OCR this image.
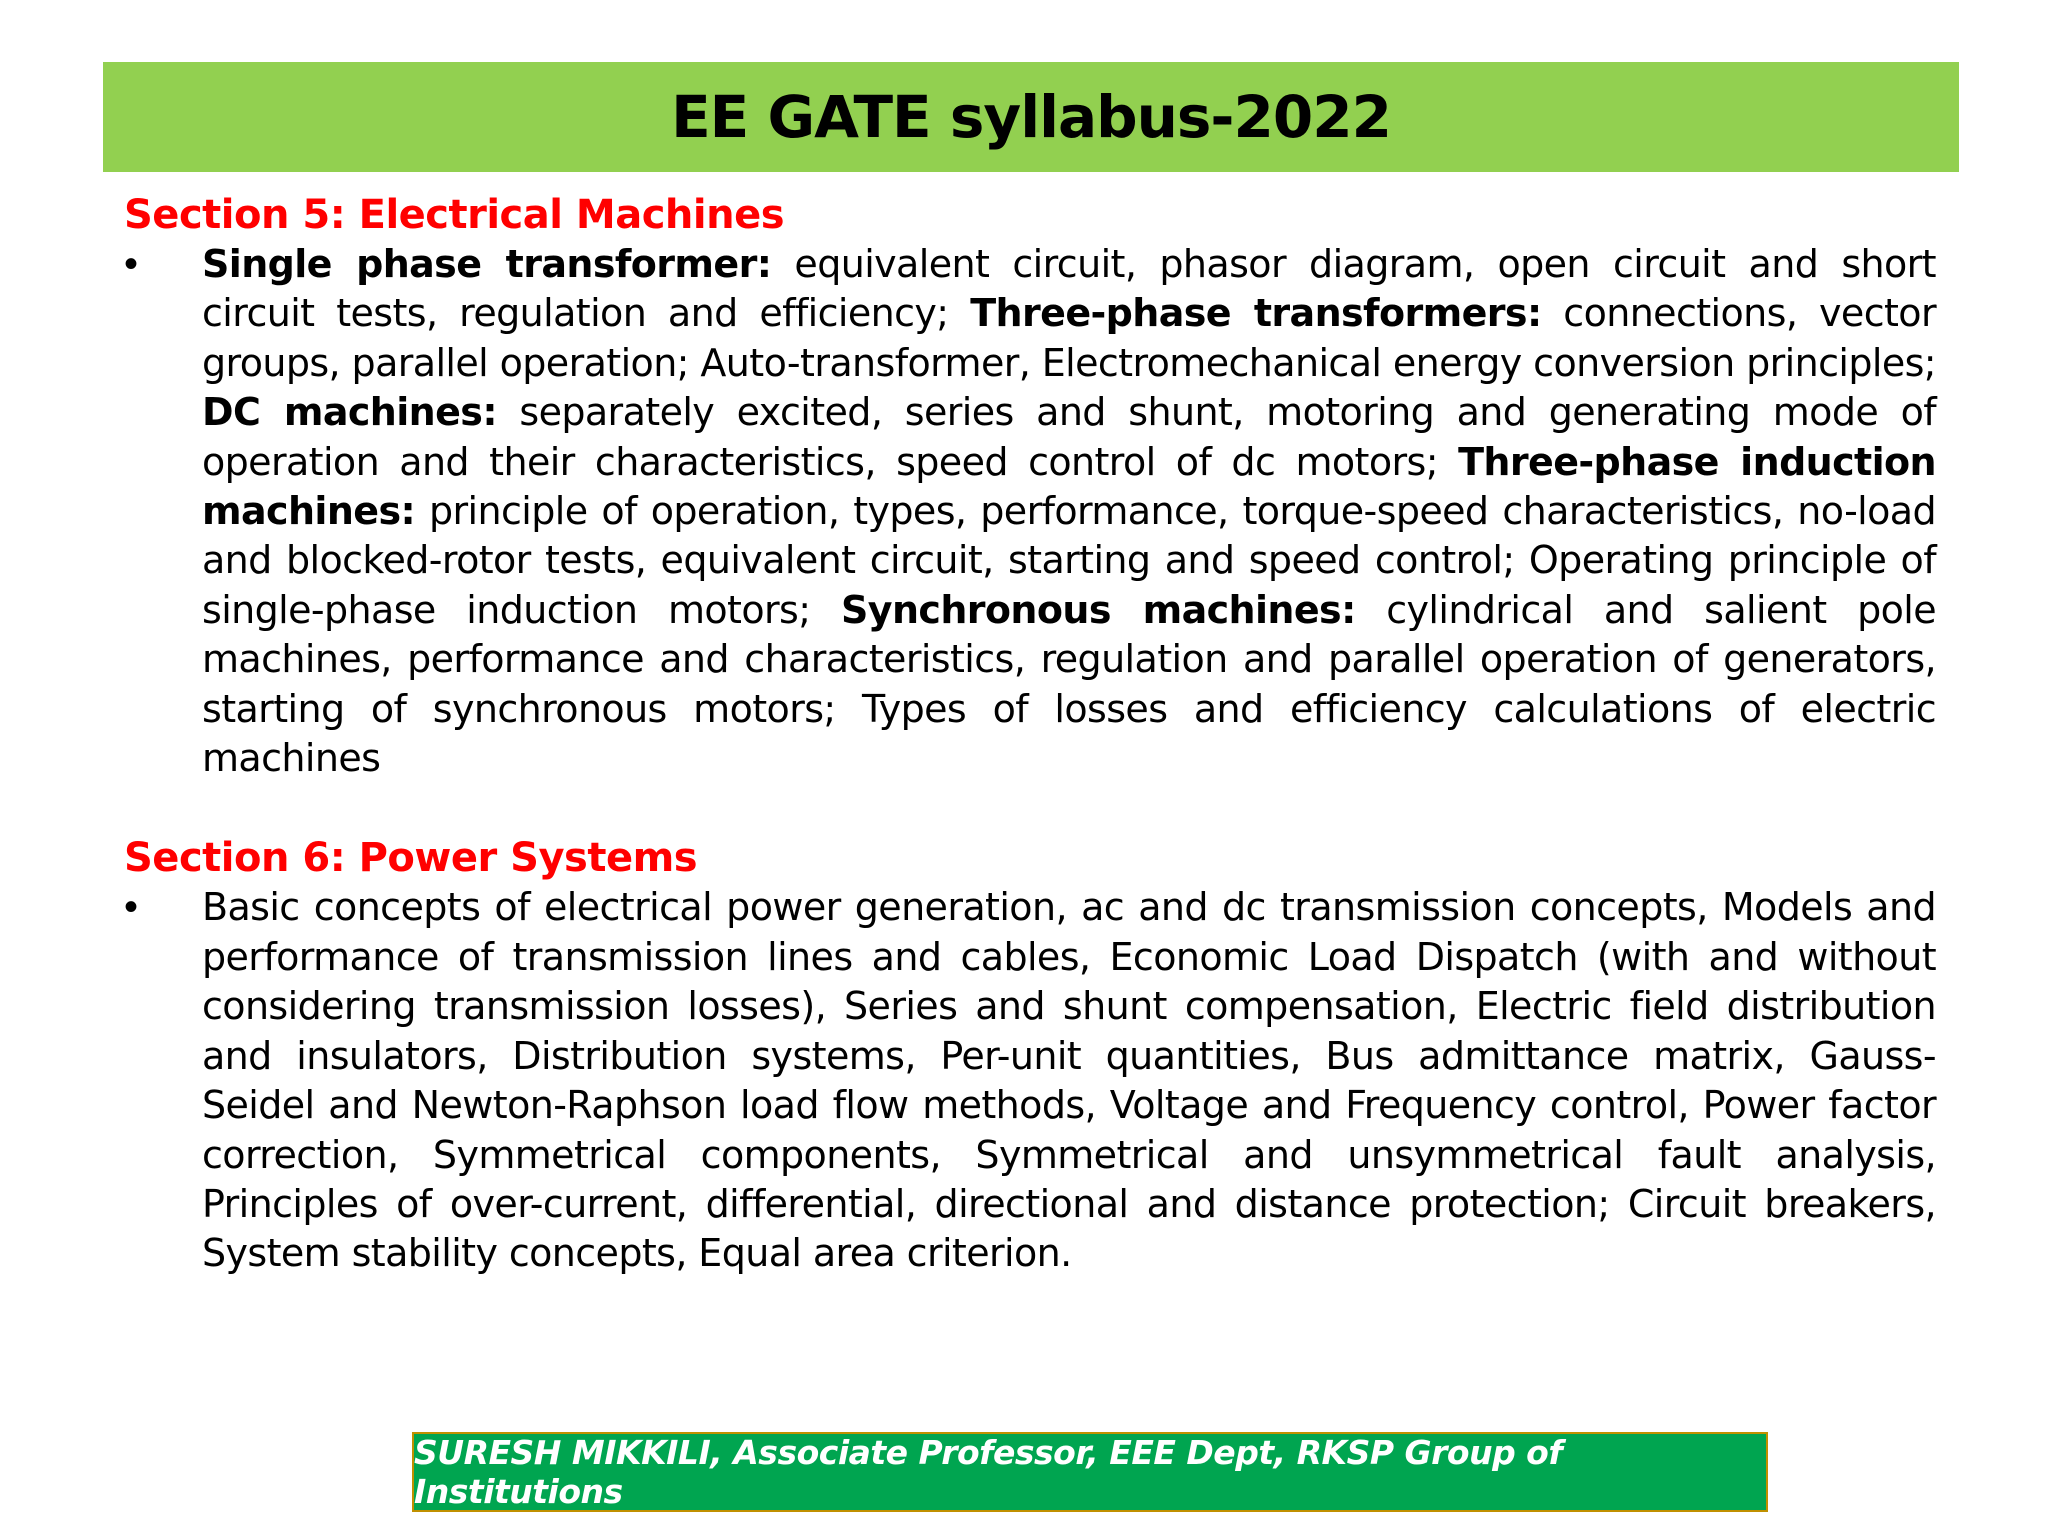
EE GATE syllabus-2022
Section 5: Electrical Machines
• Single phase transformer: equivalent circuit, phasor diagram, open circuit and short circuit tests, regulation and efficiency; Three-phase transformers: connections, vector groups, parallel operation; Auto-transformer, Electromechanical energy conversion principles; DC machines: separately excited, series and shunt, motoring and generating mode of operation and their characteristics, speed control of dc motors; Three-phase induction machines: principle of operation, types, performance, torque-speed characteristics, no-load and blocked-rotor tests, equivalent circuit, starting and speed control; Operating principle of single-phase induction motors; Synchronous machines: cylindrical and salient pole machines, performance and characteristics, regulation and parallel operation of generators, starting of synchronous motors; Types of losses and efficiency calculations of electric machines

Section 6: Power Systems
• Basic concepts of electrical power generation, ac and dc transmission concepts, Models and performance of transmission lines and cables, Economic Load Dispatch (with and without considering transmission losses), Series and shunt compensation, Electric field distribution and insulators, Distribution systems, Per-unit quantities, Bus admittance matrix, Gauss- Seidel and Newton-Raphson load flow methods, Voltage and Frequency control, Power factor correction, Symmetrical components, Symmetrical and unsymmetrical fault analysis, Principles of over-current, differential, directional and distance protection; Circuit breakers, System stability concepts, Equal area criterion.

SURESH MIKKILI, Associate Professor, EEE Dept, RKSP Group of Institutions
